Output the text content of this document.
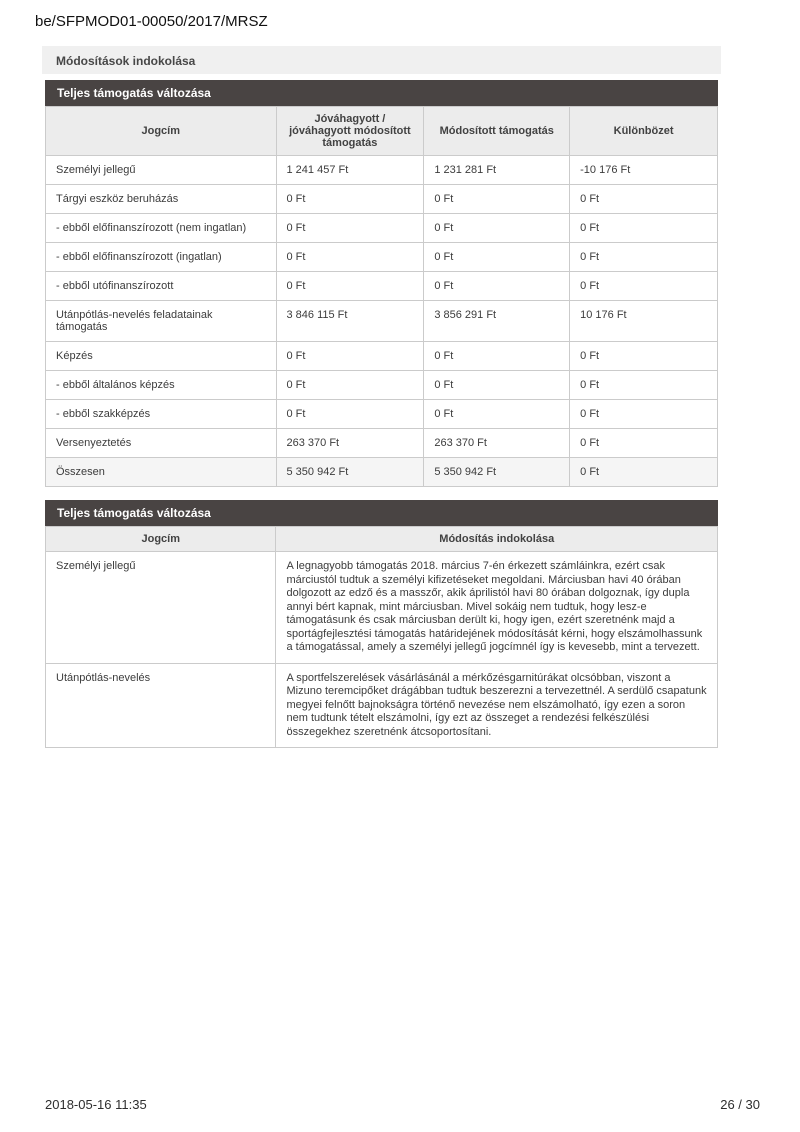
be/SFPMOD01-00050/2017/MRSZ
Módosítások indokolása
Teljes támogatás változása
Jogcím	Jóváhagyott / jóváhagyott módosított támogatás	Módosított támogatás	Különbözet
Személyi jellegű	1 241 457 Ft	1 231 281 Ft	-10 176 Ft
Tárgyi eszköz beruházás	0 Ft	0 Ft	0 Ft
- ebből előfinanszírozott (nem ingatlan)	0 Ft	0 Ft	0 Ft
- ebből előfinanszírozott (ingatlan)	0 Ft	0 Ft	0 Ft
- ebből utófinanszírozott	0 Ft	0 Ft	0 Ft
Utánpótlás-nevelés feladatainak támogatás	3 846 115 Ft	3 856 291 Ft	10 176 Ft
Képzés	0 Ft	0 Ft	0 Ft
- ebből általános képzés	0 Ft	0 Ft	0 Ft
- ebből szakképzés	0 Ft	0 Ft	0 Ft
Versenyeztetés	263 370 Ft	263 370 Ft	0 Ft
Összesen	5 350 942 Ft	5 350 942 Ft	0 Ft
Teljes támogatás változása
Jogcím	Módosítás indokolása
Személyi jellegű	A legnagyobb támogatás 2018. március 7-én érkezett számláinkra, ezért csak márciustól tudtuk a személyi kifizetéseket megoldani. Márciusban havi 40 órában dolgozott az edző és a masszőr, akik áprilistól havi 80 órában dolgoznak, így dupla annyi bért kapnak, mint márciusban. Mivel sokáig nem tudtuk, hogy lesz-e támogatásunk és csak márciusban derült ki, hogy igen, ezért szeretnénk majd a sportágfejlesztési támogatás határidejének módosítását kérni, hogy elszámolhassunk a támogatással, amely a személyi jellegű jogcímnél így is kevesebb, mint a tervezett.
Utánpótlás-nevelés	A sportfelszerelések vásárlásánál a mérkőzésgarnitúrákat olcsóbban, viszont a Mizuno teremcipőket drágábban tudtuk beszerezni a tervezettnél. A serdülő csapatunk megyei felnőtt bajnokságra történő nevezése nem elszámolható, így ezen a soron nem tudtunk tételt elszámolni, így ezt az összeget a rendezési felkészülési összegekhez szeretnénk átcsoportosítani.
2018-05-16 11:35	26 / 30
